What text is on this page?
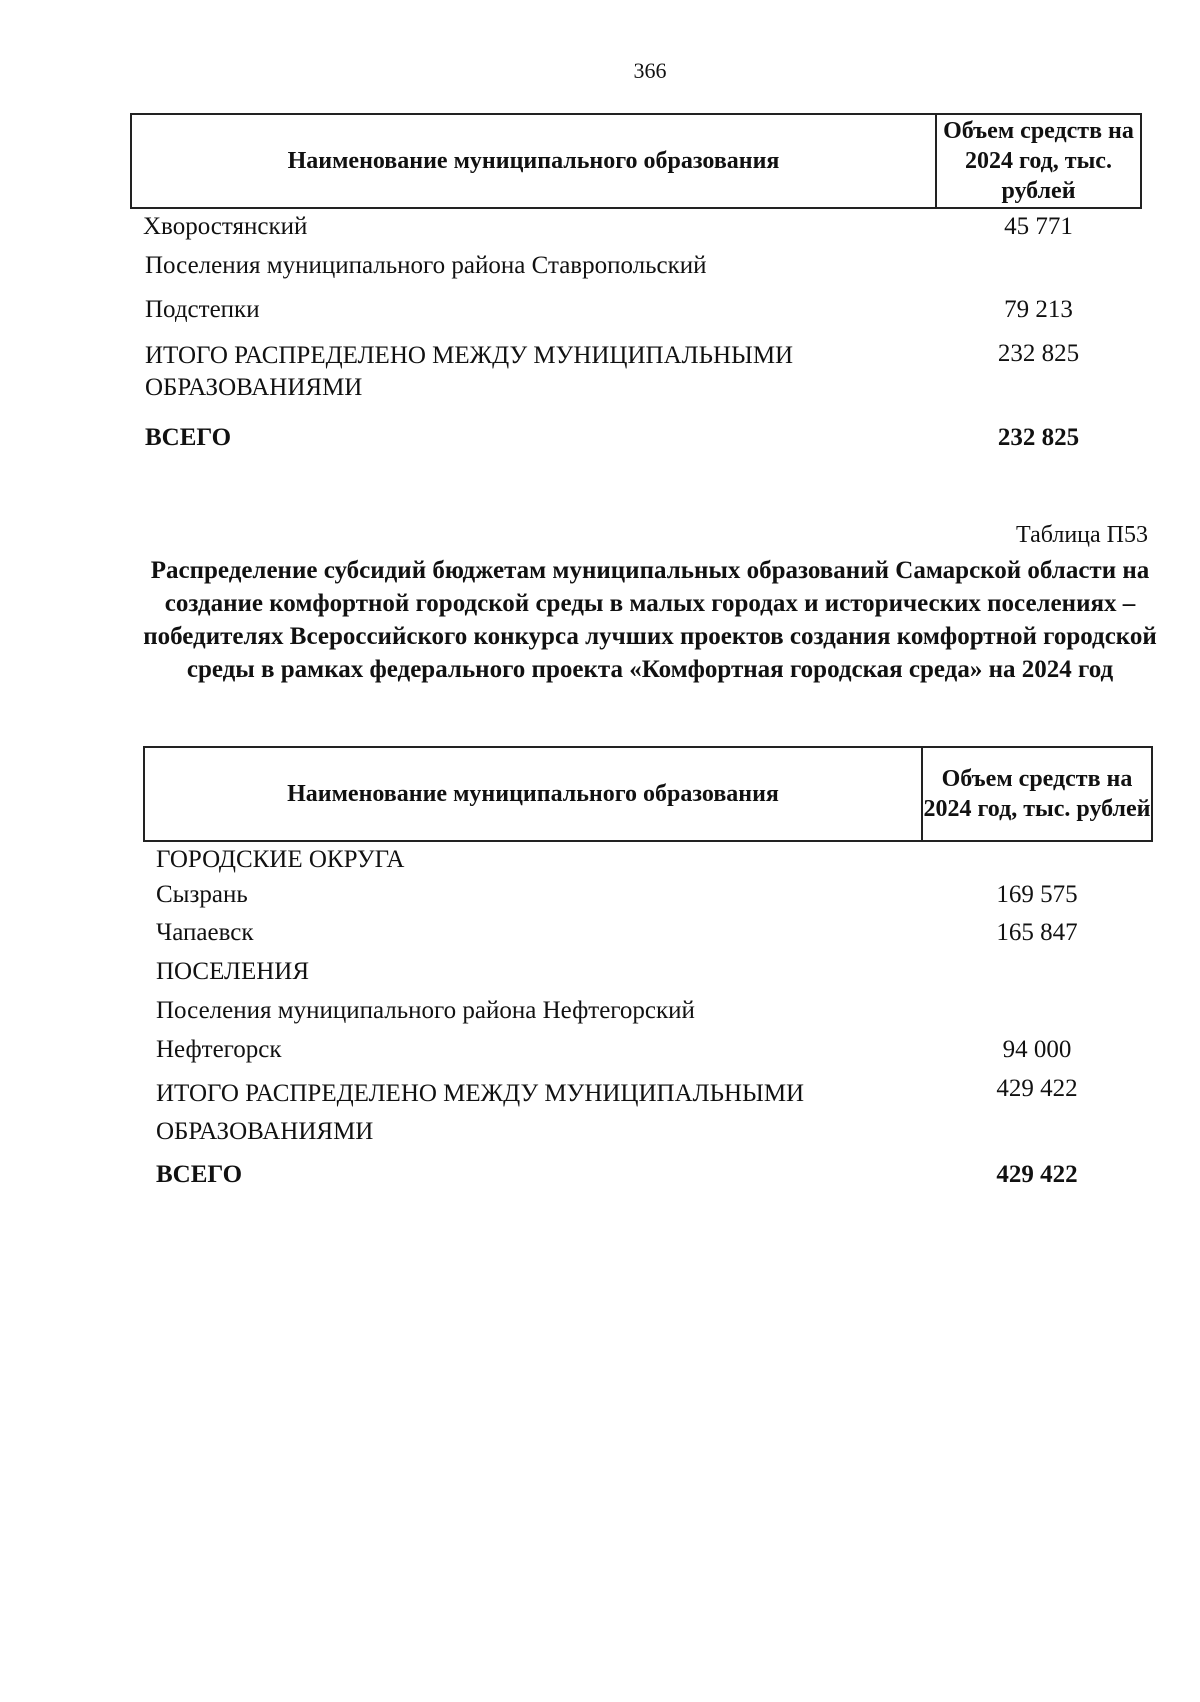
366
Наименование муниципального образования	Объем средств на 2024 год, тыс. рублей
Хворостянский	45 771
Поселения муниципального района Ставропольский	
Подстепки	79 213
ИТОГО РАСПРЕДЕЛЕНО МЕЖДУ МУНИЦИПАЛЬНЫМИ ОБРАЗОВАНИЯМИ	232 825
ВСЕГО	232 825
Таблица П53
Распределение субсидий бюджетам муниципальных образований Самарской области на создание комфортной городской среды в малых городах и исторических поселениях – победителях Всероссийского конкурса лучших проектов создания комфортной городской среды в рамках федерального проекта «Комфортная городская среда» на 2024 год
Наименование муниципального образования	Объем средств на 2024 год, тыс. рублей
ГОРОДСКИЕ ОКРУГА	
Сызрань	169 575
Чапаевск	165 847
ПОСЕЛЕНИЯ	
Поселения муниципального района Нефтегорский	
Нефтегорск	94 000
ИТОГО РАСПРЕДЕЛЕНО МЕЖДУ МУНИЦИПАЛЬНЫМИ ОБРАЗОВАНИЯМИ	429 422
ВСЕГО	429 422
